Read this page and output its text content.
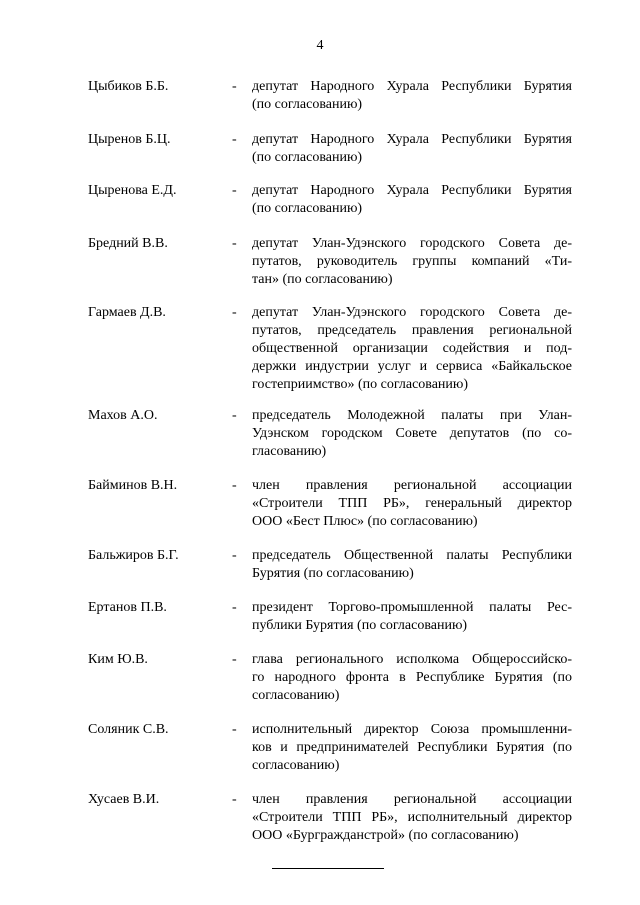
4
Цыбиков Б.Б.	- депутат Народного Хурала Республики Бурятия

(по согласованию)

Цыренов Б.Ц.	- депутат Народного Хурала Республики Бурятия

(по согласованию)

Цыренова Е.Д.	- депутат Народного Хурала Республики Бурятия

(по согласованию)

Бредний В.В.	- депутат Улан-Удэнского городского Совета де-

путатов, руководитель группы компаний «Ти-

тан» (по согласованию)

Гармаев Д.В.	- депутат Улан-Удэнского городского Совета де-

путатов, председатель правления региональной

общественной организации содействия и под-

держки индустрии услуг и сервиса «Байкальское

гостеприимство» (по согласованию)

Махов А.О.	- председатель Молодежной палаты при Улан-

Удэнском городском Совете депутатов (по со-

гласованию)

Байминов В.Н.	- член правления региональной ассоциации

«Строители ТПП РБ», генеральный директор

ООО «Бест Плюс» (по согласованию)

Бальжиров Б.Г.	- председатель Общественной палаты Республики

Бурятия (по согласованию)

Ертанов П.В.	- президент Торгово-промышленной палаты Рес-

публики Бурятия (по согласованию)

Ким Ю.В.	- глава регионального исполкома Общероссийско-

го народного фронта в Республике Бурятия (по

согласованию)

Соляник С.В.	- исполнительный директор Союза промышленни-

ков и предпринимателей Республики Бурятия (по

согласованию)

Хусаев В.И.	- член правления региональной ассоциации

«Строители ТПП РБ», исполнительный директор

ООО «Бургражданстрой» (по согласованию)
